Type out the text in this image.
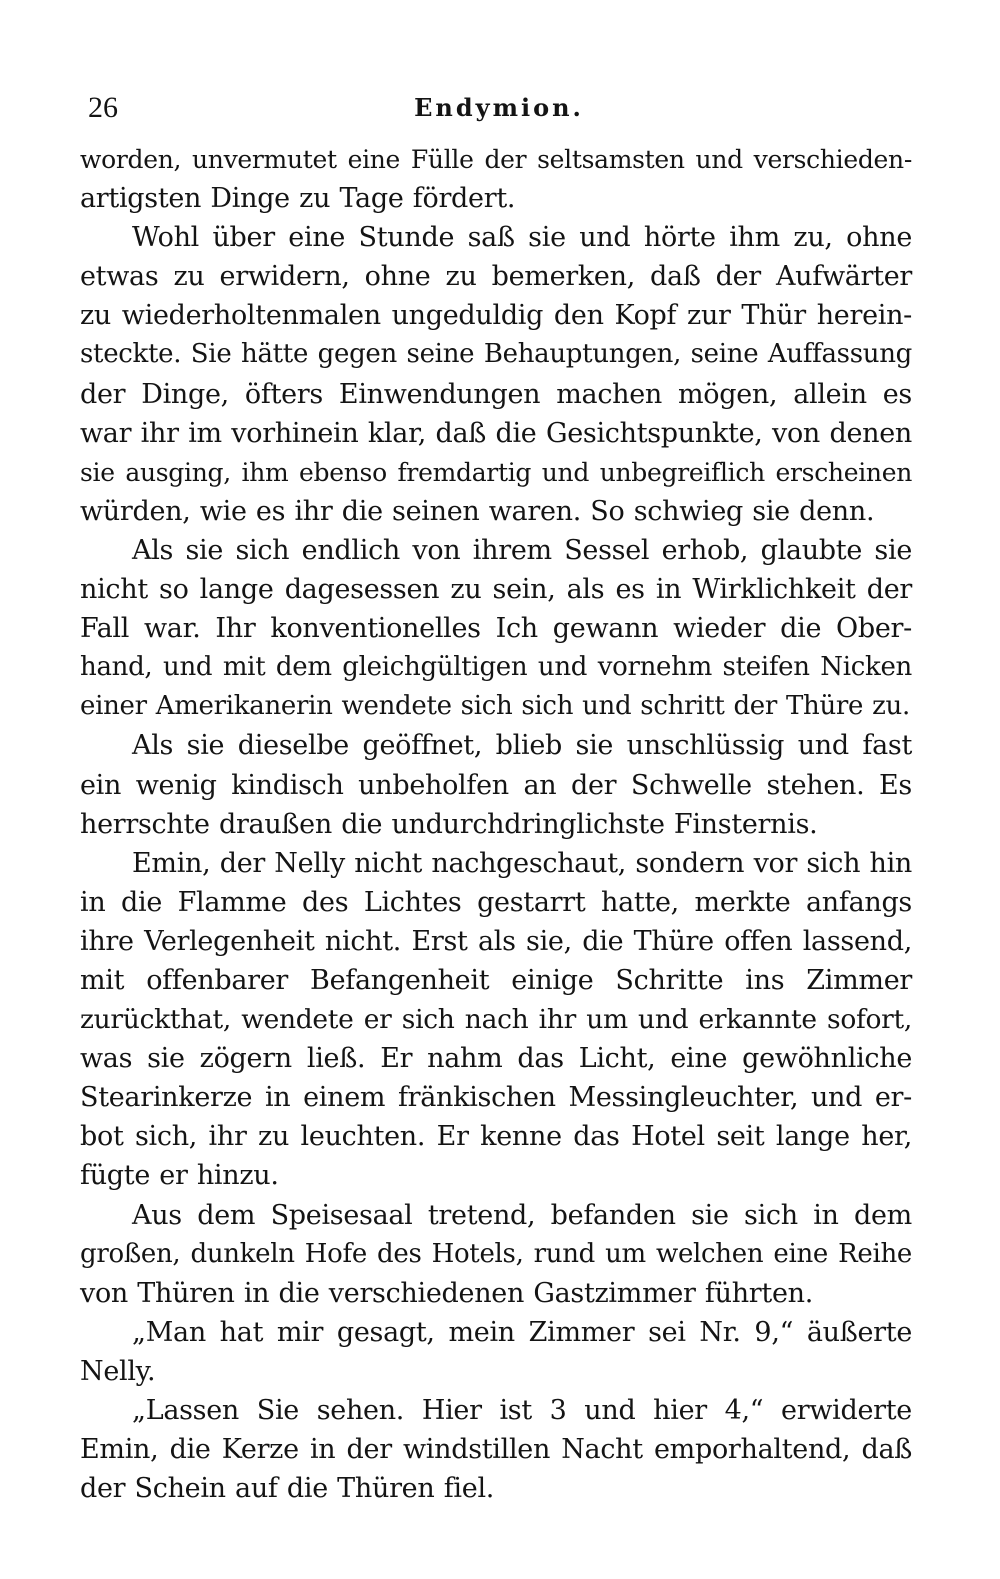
26	Endymion.
worden, unvermutet eine Fülle der seltsamsten und verschieden-
artigsten Dinge zu Tage fördert.
Wohl über eine Stunde saß sie und hörte ihm zu, ohne
etwas zu erwidern, ohne zu bemerken, daß der Aufwärter
zu wiederholtenmalen ungeduldig den Kopf zur Thür herein-
steckte. Sie hätte gegen seine Behauptungen, seine Auffassung
der Dinge, öfters Einwendungen machen mögen, allein es
war ihr im vorhinein klar, daß die Gesichtspunkte, von denen
sie ausging, ihm ebenso fremdartig und unbegreiflich erscheinen
würden, wie es ihr die seinen waren. So schwieg sie denn.
Als sie sich endlich von ihrem Sessel erhob, glaubte sie
nicht so lange dagesessen zu sein, als es in Wirklichkeit der
Fall war. Ihr konventionelles Ich gewann wieder die Ober-
hand, und mit dem gleichgültigen und vornehm steifen Nicken
einer Amerikanerin wendete sich sich und schritt der Thüre zu.
Als sie dieselbe geöffnet, blieb sie unschlüssig und fast
ein wenig kindisch unbeholfen an der Schwelle stehen. Es
herrschte draußen die undurchdringlichste Finsternis.
Emin, der Nelly nicht nachgeschaut, sondern vor sich hin
in die Flamme des Lichtes gestarrt hatte, merkte anfangs
ihre Verlegenheit nicht. Erst als sie, die Thüre offen lassend,
mit offenbarer Befangenheit einige Schritte ins Zimmer
zurückthat, wendete er sich nach ihr um und erkannte sofort,
was sie zögern ließ. Er nahm das Licht, eine gewöhnliche
Stearinkerze in einem fränkischen Messingleuchter, und er-
bot sich, ihr zu leuchten. Er kenne das Hotel seit lange her,
fügte er hinzu.
Aus dem Speisesaal tretend, befanden sie sich in dem
großen, dunkeln Hofe des Hotels, rund um welchen eine Reihe
von Thüren in die verschiedenen Gastzimmer führten.
„Man hat mir gesagt, mein Zimmer sei Nr. 9,“ äußerte
Nelly.
„Lassen Sie sehen. Hier ist 3 und hier 4,“ erwiderte
Emin, die Kerze in der windstillen Nacht emporhaltend, daß
der Schein auf die Thüren fiel.
